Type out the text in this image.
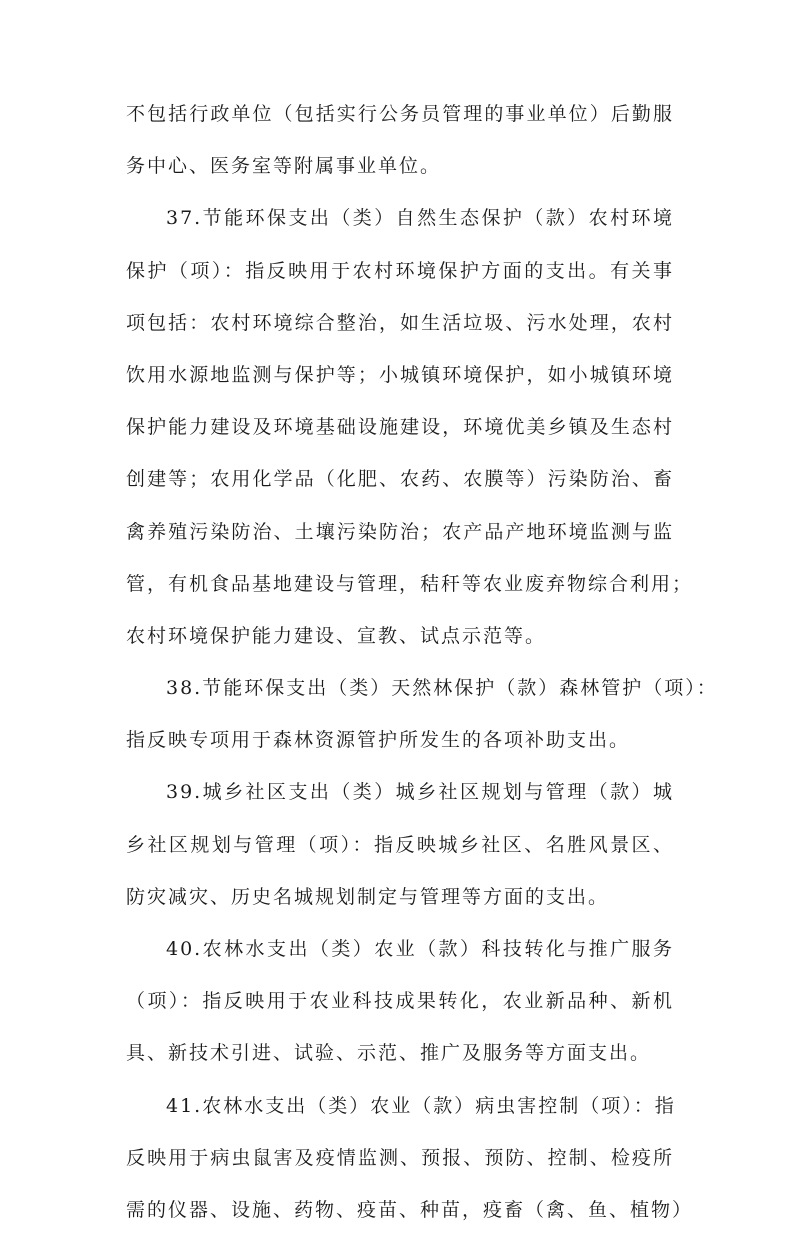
不包括行政单位（包括实行公务员管理的事业单位）后勤服
务中心、医务室等附属事业单位。
37.节能环保支出（类）自然生态保护（款）农村环境
保护（项）：指反映用于农村环境保护方面的支出。有关事
项包括：农村环境综合整治，如生活垃圾、污水处理，农村
饮用水源地监测与保护等；小城镇环境保护，如小城镇环境
保护能力建设及环境基础设施建设，环境优美乡镇及生态村
创建等；农用化学品（化肥、农药、农膜等）污染防治、畜
禽养殖污染防治、土壤污染防治；农产品产地环境监测与监
管，有机食品基地建设与管理，秸秆等农业废弃物综合利用；
农村环境保护能力建设、宣教、试点示范等。
38.节能环保支出（类）天然林保护（款）森林管护（项）：
指反映专项用于森林资源管护所发生的各项补助支出。
39.城乡社区支出（类）城乡社区规划与管理（款）城
乡社区规划与管理（项）：指反映城乡社区、名胜风景区、
防灾减灾、历史名城规划制定与管理等方面的支出。
40.农林水支出（类）农业（款）科技转化与推广服务
（项）：指反映用于农业科技成果转化，农业新品种、新机
具、新技术引进、试验、示范、推广及服务等方面支出。
41.农林水支出（类）农业（款）病虫害控制（项）：指
反映用于病虫鼠害及疫情监测、预报、预防、控制、检疫所
需的仪器、设施、药物、疫苗、种苗，疫畜（禽、鱼、植物）
